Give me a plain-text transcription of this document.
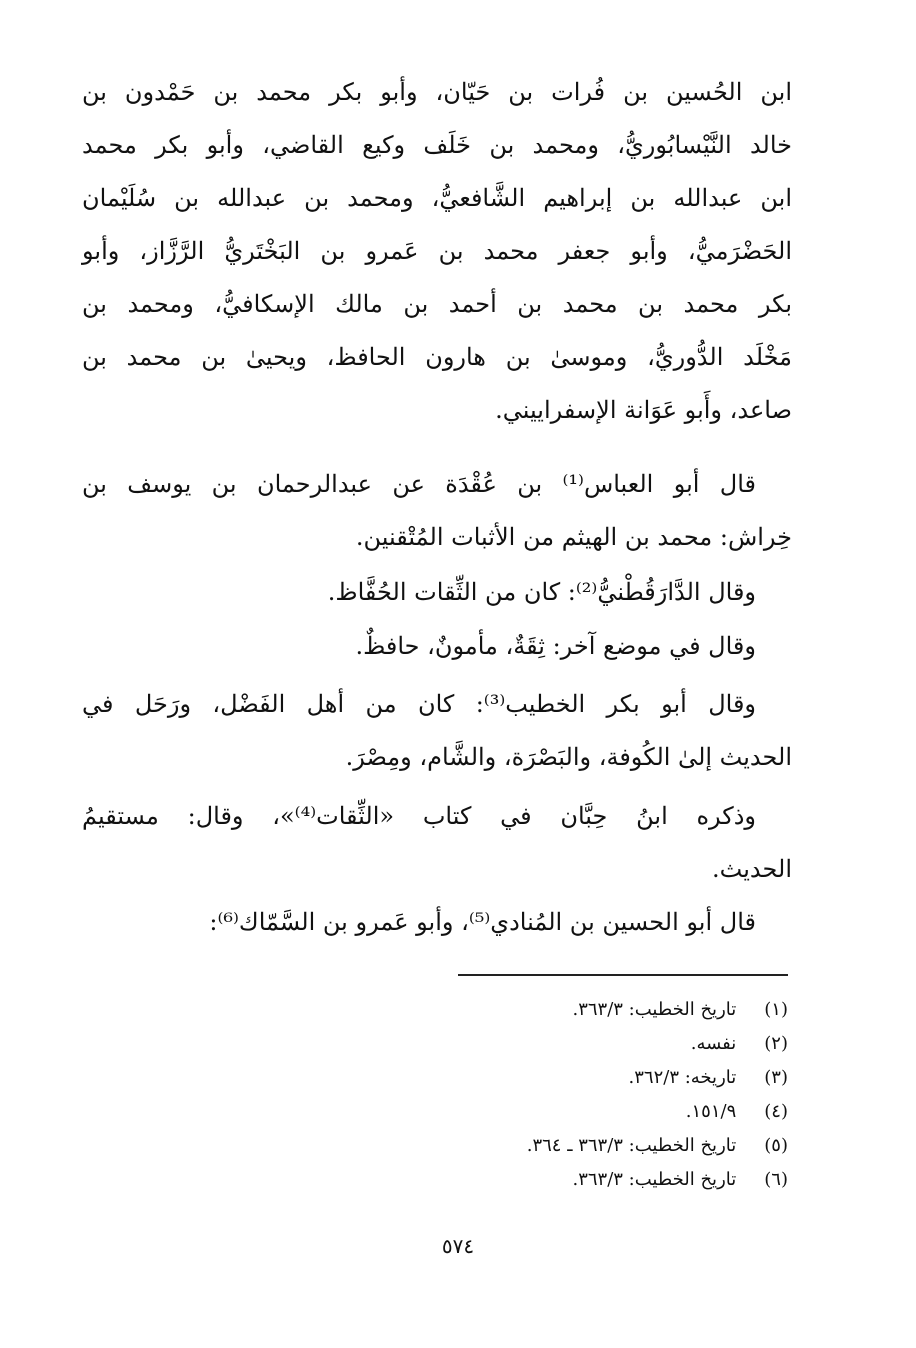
ابن الحُسين بن فُرات بن حَيّان، وأبو بكر محمد بن حَمْدون بن
خالد النَّيْسابُوريُّ، ومحمد بن خَلَف وكيع القاضي، وأبو بكر محمد
ابن عبدالله بن إبراهيم الشَّافعيُّ، ومحمد بن عبدالله بن سُلَيْمان
الحَضْرَميُّ، وأبو جعفر محمد بن عَمرو بن البَخْتَريُّ الرَّزَّاز، وأبو
بكر محمد بن محمد بن أحمد بن مالك الإسكافيُّ، ومحمد بن
مَخْلَد الدُّوريُّ، وموسىٰ بن هارون الحافظ، ويحيىٰ بن محمد بن
صاعد، وأَبو عَوَانة الإسفراييني.
قال أبو العباس⁽¹⁾ بن عُقْدَة عن عبدالرحمان بن يوسف بن
خِراش: محمد بن الهيثم من الأثبات المُتْقنين.
وقال الدَّارَقُطْنيُّ⁽²⁾: كان من الثِّقات الحُفَّاظ.
وقال في موضع آخر: ثِقَةٌ، مأمونٌ، حافظٌ.
وقال أبو بكر الخطيب⁽³⁾: كان من أهل الفَضْل، ورَحَل في
الحديث إلىٰ الكُوفة، والبَصْرَة، والشَّام، ومِصْرَ.
وذكره ابنُ حِبَّان في كتاب «الثِّقات⁽⁴⁾»، وقال: مستقيمُ
الحديث.
قال أبو الحسين بن المُنادي⁽⁵⁾، وأبو عَمرو بن السَّمّاك⁽⁶⁾:
(١) تاريخ الخطيب: ٣٦٣/٣.
(٢) نفسه.
(٣) تاريخه: ٣٦٢/٣.
(٤) ١٥١/٩.
(٥) تاريخ الخطيب: ٣٦٣/٣ ـ ٣٦٤.
(٦) تاريخ الخطيب: ٣٦٣/٣.
٥٧٤
